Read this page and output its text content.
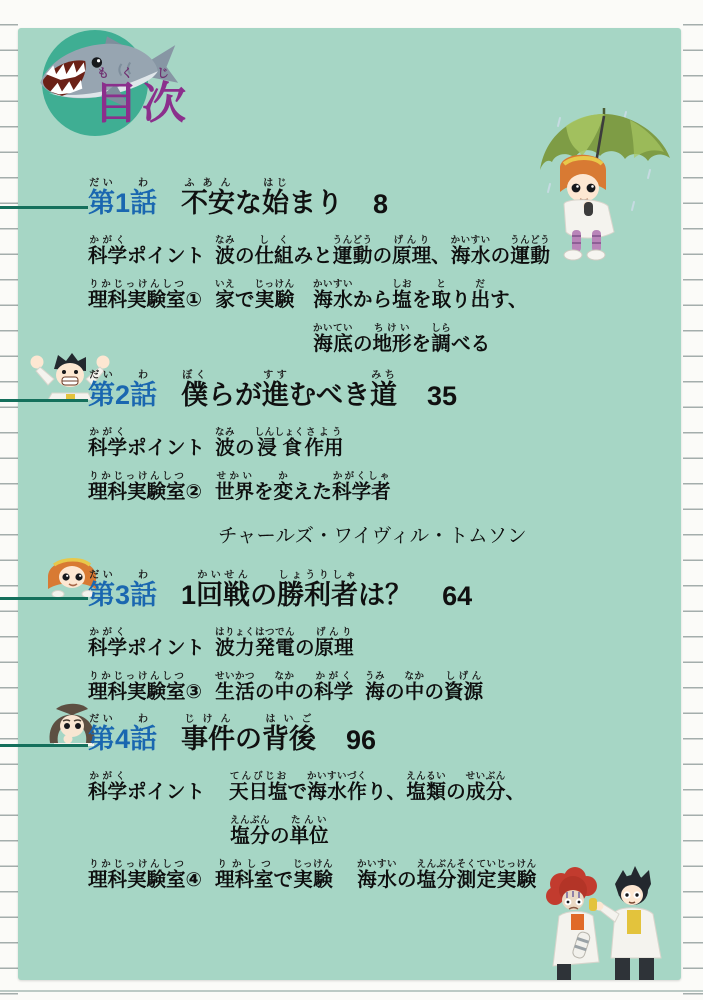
目もく次じ
第だい1話わ
不安ふあんな始はじまり 8
科学かがくポイント 波なみの仕し組くみと運動うんどうの原理げんり、海水かいすいの運動うんどう
理科実験室りかじっけんしつ① 家いえで実験じっけん
海水かいすいから塩しおを取とり出だす、
海底かいていの地形ちけいを調しらべる
第だい2話わ
僕ぼくらが進すすむべき道みち
35
科学かがくポイント 波なみの浸食しんしょく作用さよう
理科実験室りかじっけんしつ② 世界せかいを変かえた科学者かがくしゃ
チャールズ・ワイヴィル・トムソン
第だい3話わ
1回戦かいせんの勝利者しょうりしゃは？ 64
科学かがくポイント 波力発電はりょくはつでんの原理げんり
理科実験室りかじっけんしつ③ 生活せいかつの中なかの科学かがく
海うみの中なかの資源しげん
第だい4話わ
事件じけんの背後はいご
96
科学かがくポイント	天日塩てんびじおで海水作かいすいづくり、塩類えんるいの成分せいぶん、
塩分えんぶんの単位たんい
理科実験室りかじっけんしつ④ 理科室りかしつで実験じっけん
海水かいすいの塩分測定実験えんぶんそくていじっけん
